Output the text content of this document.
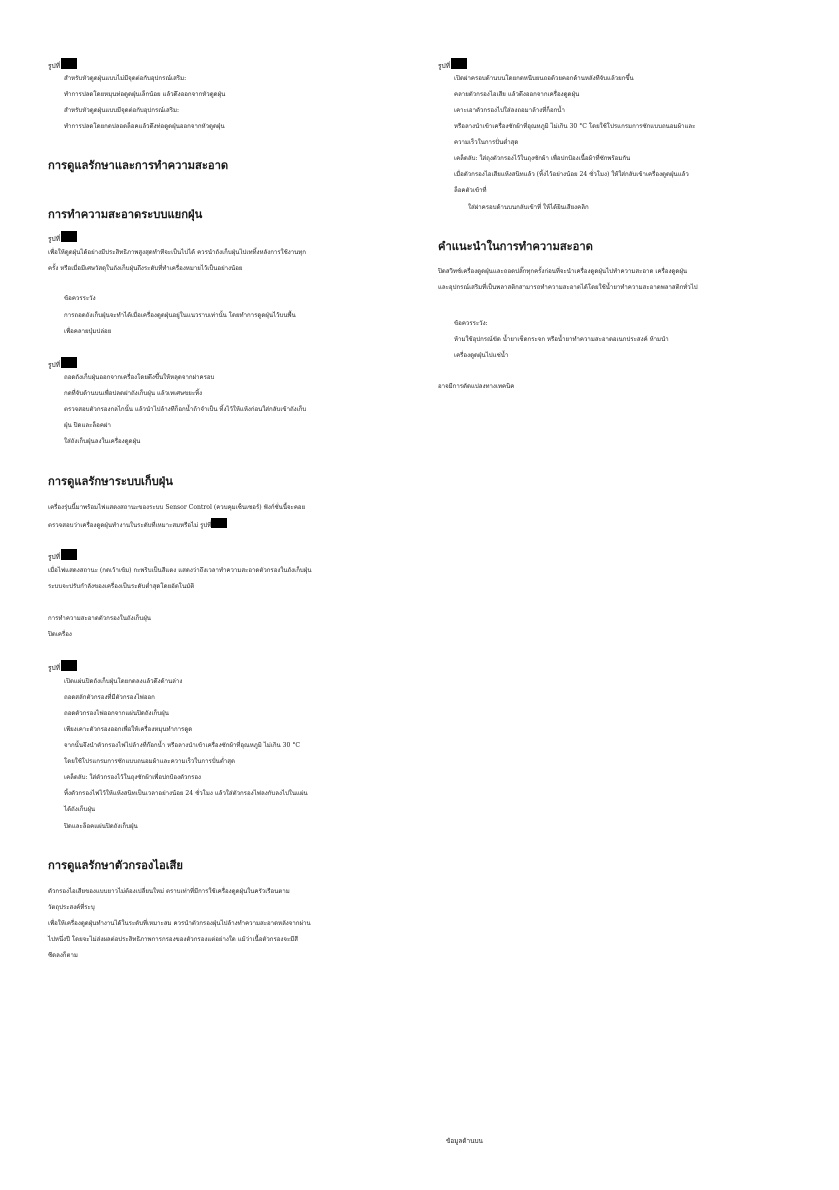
รูปที่
สำหรับหัวดูดฝุ่นแบบไม่มีจุดต่อกับอุปกรณ์เสริม:
ทำการปลดโดยหมุนท่อดูดฝุ่นเล็กน้อย แล้วดึงออกจากหัวดูดฝุ่น
สำหรับหัวดูดฝุ่นแบบมีจุดต่อกับอุปกรณ์เสริม:
ทำการปลดโดยกดปลอดล็อคแล้วดึงท่อดูดฝุ่นออกจากหัวดูดฝุ่น
การดูแลรักษาและการทำความสะอาด
การทำความสะอาดระบบแยกฝุ่น
รูปที่
เพื่อให้ดูดฝุ่นได้อย่างมีประสิทธิภาพสูงสุดทำทีจะเป็นไปได้ ควรนำถังเก็บฝุ่นไปเททิ้งหลังการใช้งานทุก
ครั้ง หรือเมื่อมีเศษวัสดุในถังเก็บฝุ่นถึงระดับที่ทำเครื่องหมายไว้เป็นอย่างน้อย
ข้อควรระวัง
การถอดถังเก็บฝุ่นจะทำได้เมื่อเครื่องดูดฝุ่นอยู่ในแนวราบเท่านั้น โดยทำการดูดฝุ่นไว้บนพื้น
เพื่อคลายปุ่มปล่อย
รูปที่
ถอดถังเก็บฝุ่นออกจากเครื่องโดยดึงขึ้นให้หลุดจากฝาครอบ
กดที่จับด้านบนเพื่อปลดฝาถังเก็บฝุ่น แล้วเทเศษขยะทิ้ง
ตรวจสอบตัวกรองกลไกนั้น แล้วนำไปล้างทีก็อกน้ำถ้าจำเป็น ทิ้งไว้ให้แห้งก่อนใส่กลับเข้าถังเก็บ
ฝุ่น ปิดและล็อคฝา
ใส่ถังเก็บฝุ่นลงในเครื่องดูดฝุ่น
การดูแลรักษาระบบเก็บฝุ่น
เครื่องรุ่นนี้มาพร้อมไฟแสดงสถานะของระบบ Sensor Control (ควบคุมเซ็นเซอร์) ฟังก์ชั่นนี้จะคอย
ตรวจสอบว่าเครื่องดูดฝุ่นทำงานในระดับที่เหมาะสมหรือไม่ รูปที่
รูปที่
เมื่อไฟแสดงสถานะ (กดเว้าเข้ม) กะพริบเป็นสีแดง แสดงว่าถึงเวลาทำความสะอาดตัวกรองในถังเก็บฝุ่น
ระบบจะปรับกำลังของเครื่องเป็นระดับต่ำสุดโดยอัตโนมัติ
การทำความสะอาดตัวกรองในถังเก็บฝุ่น
ปิดเครื่อง
รูปที่
เปิดแผ่นปิดถังเก็บฝุ่นโดยกดลงแล้วดึงด้านล่าง
ถอดสลักตัวกรองที่มีตัวกรองไฟออก
ถอดตัวกรองไฟออกจากแผ่นปิดถังเก็บฝุ่น
เพียงเคาะตัวกรองออกเพื่อให้เครื่องหมุนทำการดูด
จากนั้นจึงนำตัวกรองไฟไปล้างที่ก๊อกน้ำ หรือลางนำเข้าเครื่องซักผ้าที่อุณหภูมิ ไม่เกิน 30 °C
โดยใช้โปรแกรมการซักแบบถนอมผ้าและความเร็วในการปั่นต่ำสุด
เคล็ดลับ: ใส่ตัวกรองไว้ในถุงซักผ้าเพื่อปกป้องตัวกรอง
ทิ้งตัวกรองไฟไว้ให้แห้งสนิทเป็นเวลาอย่างน้อย 24 ชั่วโมง แล้วใส่ตัวกรองไฟลงกับลงไปในแผ่น
ได้ถังเก็บฝุ่น
ปิดและล็อคแผ่นปิดถังเก็บฝุ่น
การดูแลรักษาตัวกรองไอเสีย
ตัวกรองไอเสียของแบบยาวไม่ต้องเปลี่ยนใหม่ ตราบเท่าที่มีการใช้เครื่องดูดฝุ่นในครัวเรือนตาม
วัตถุประสงค์ที่ระบุ
เพื่อให้เครื่องดูดฝุ่นทำงานได้ในระดับที่เหมาะสม ควรนำตัวกรองฝุ่นไปล้างทำความสะอาดหลังจากผ่าน
ไปหนึ่งปี โดยจะไม่ส่งผลต่อประสิทธิภาพการกรองของตัวกรองแต่อย่างใด แม้ว่าเนื้อตัวกรองจะมีสี
ซีดลงก็ตาม
รูปที่
เปิดฝาครอบด้านบนโดยกดหนีบยนถอด้วยคอกด้านหลังทีจับแล้วยกขึ้น
คลายตัวกรองไอเสีย แล้วดึงออกจากเครื่องดูดฝุ่น
เคาะเอาตัวกรองไปใส่ลงถอมาล้างที่ก็อกน้ำ
หรือลางนำเข้าเครื่องซักผ้าที่อุณหภูมิ ไม่เกิน 30 °C โดยใช้โปรแกรมการซักแบบถนอมผ้าและ
ความเร็วในการปั่นต่ำสุด
เคล็ดลับ: ใส่ถุงตัวกรองไว้ในถุงซักผ้า เพื่อปกป้องเนื้อผ้าที่ซักพร้อมกัน
เมื่อตัวกรองไอเสียแห้งสนิทแล้ว (ทิ้งไว้อย่างน้อย 24 ชั่วโมง) ให้ใส่กลับเข้าเครื่องดูดฝุ่นแล้ว
ล็อคตัวเข้าที่
ใส่ฝาครอบด้านบนกลับเข้าที่ ให้ได้ยินเสียงคลิก
คำแนะนำในการทำความสะอาด
ปิดสวิทช์เครื่องดูดฝุ่นและถอดปลั๊กทุกครั้งก่อนที่จะนำเครื่องดูดฝุ่นไปทำความสะอาด เครื่องดูดฝุ่น
และอุปกรณ์เสริมที่เป็นพลาสติกสามารถทำความสะอาดได้โดยใช้น้ำยาทำความสะอาดพลาสติกทั่วไป
ข้อควรระวัง:
ห้ามใช้อุปกรณ์ขัด น้ำยาเช็ดกระจก หรือน้ำยาทำความสะอาดอเนกประสงค์ ห้ามนำ
เครื่องดูดฝุ่นไปแช่น้ำ
อาจมีการดัดแปลงทางเทคนิค
ข้อมูลด้านบน
